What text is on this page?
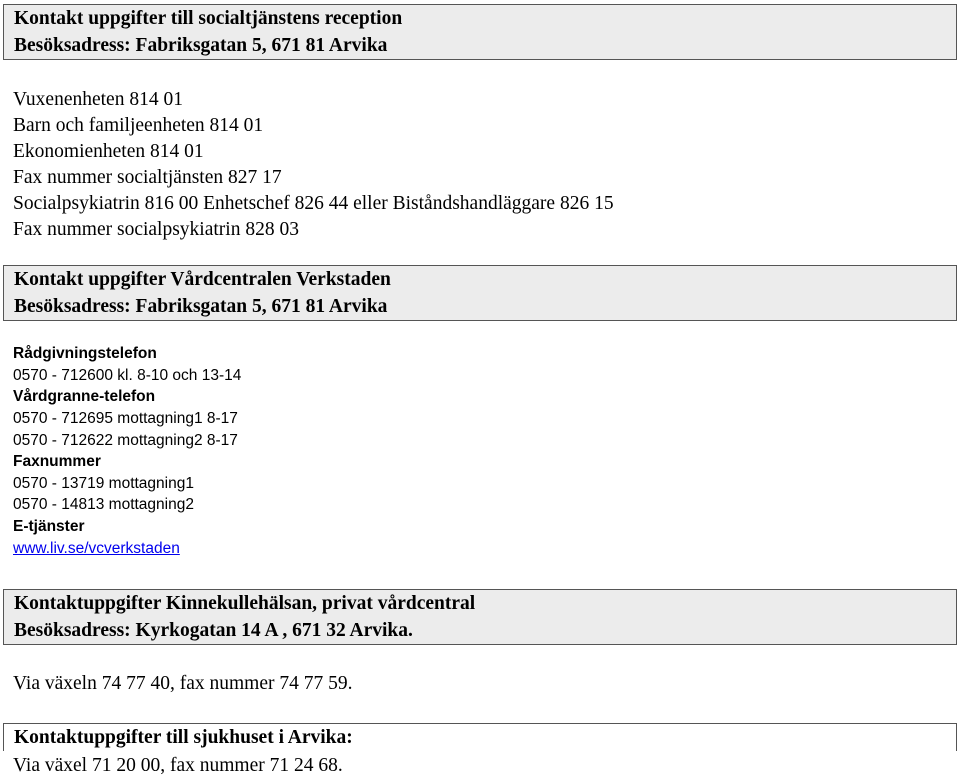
Kontakt uppgifter till socialtjänstens reception
Besöksadress: Fabriksgatan 5, 671 81 Arvika
Vuxenenheten 814 01
Barn och familjeenheten 814 01
Ekonomienheten 814 01
Fax nummer socialtjänsten 827 17
Socialpsykiatrin 816 00 Enhetschef 826 44 eller Biståndshandläggare 826 15
Fax nummer socialpsykiatrin 828 03
Kontakt uppgifter Vårdcentralen Verkstaden
Besöksadress: Fabriksgatan 5, 671 81 Arvika
Rådgivningstelefon
0570 - 712600 kl. 8-10 och 13-14
Vårdgranne-telefon
0570 - 712695 mottagning1 8-17
0570 - 712622 mottagning2 8-17
Faxnummer
0570 - 13719 mottagning1
0570 - 14813 mottagning2
E-tjänster
www.liv.se/vcverkstaden
Kontaktuppgifter Kinnekullehälsan, privat vårdcentral
Besöksadress: Kyrkogatan 14 A , 671 32 Arvika.
Via växeln 74 77 40, fax nummer 74 77 59.
Kontaktuppgifter till sjukhuset i Arvika:
Via växel 71 20 00, fax nummer 71 24 68.
